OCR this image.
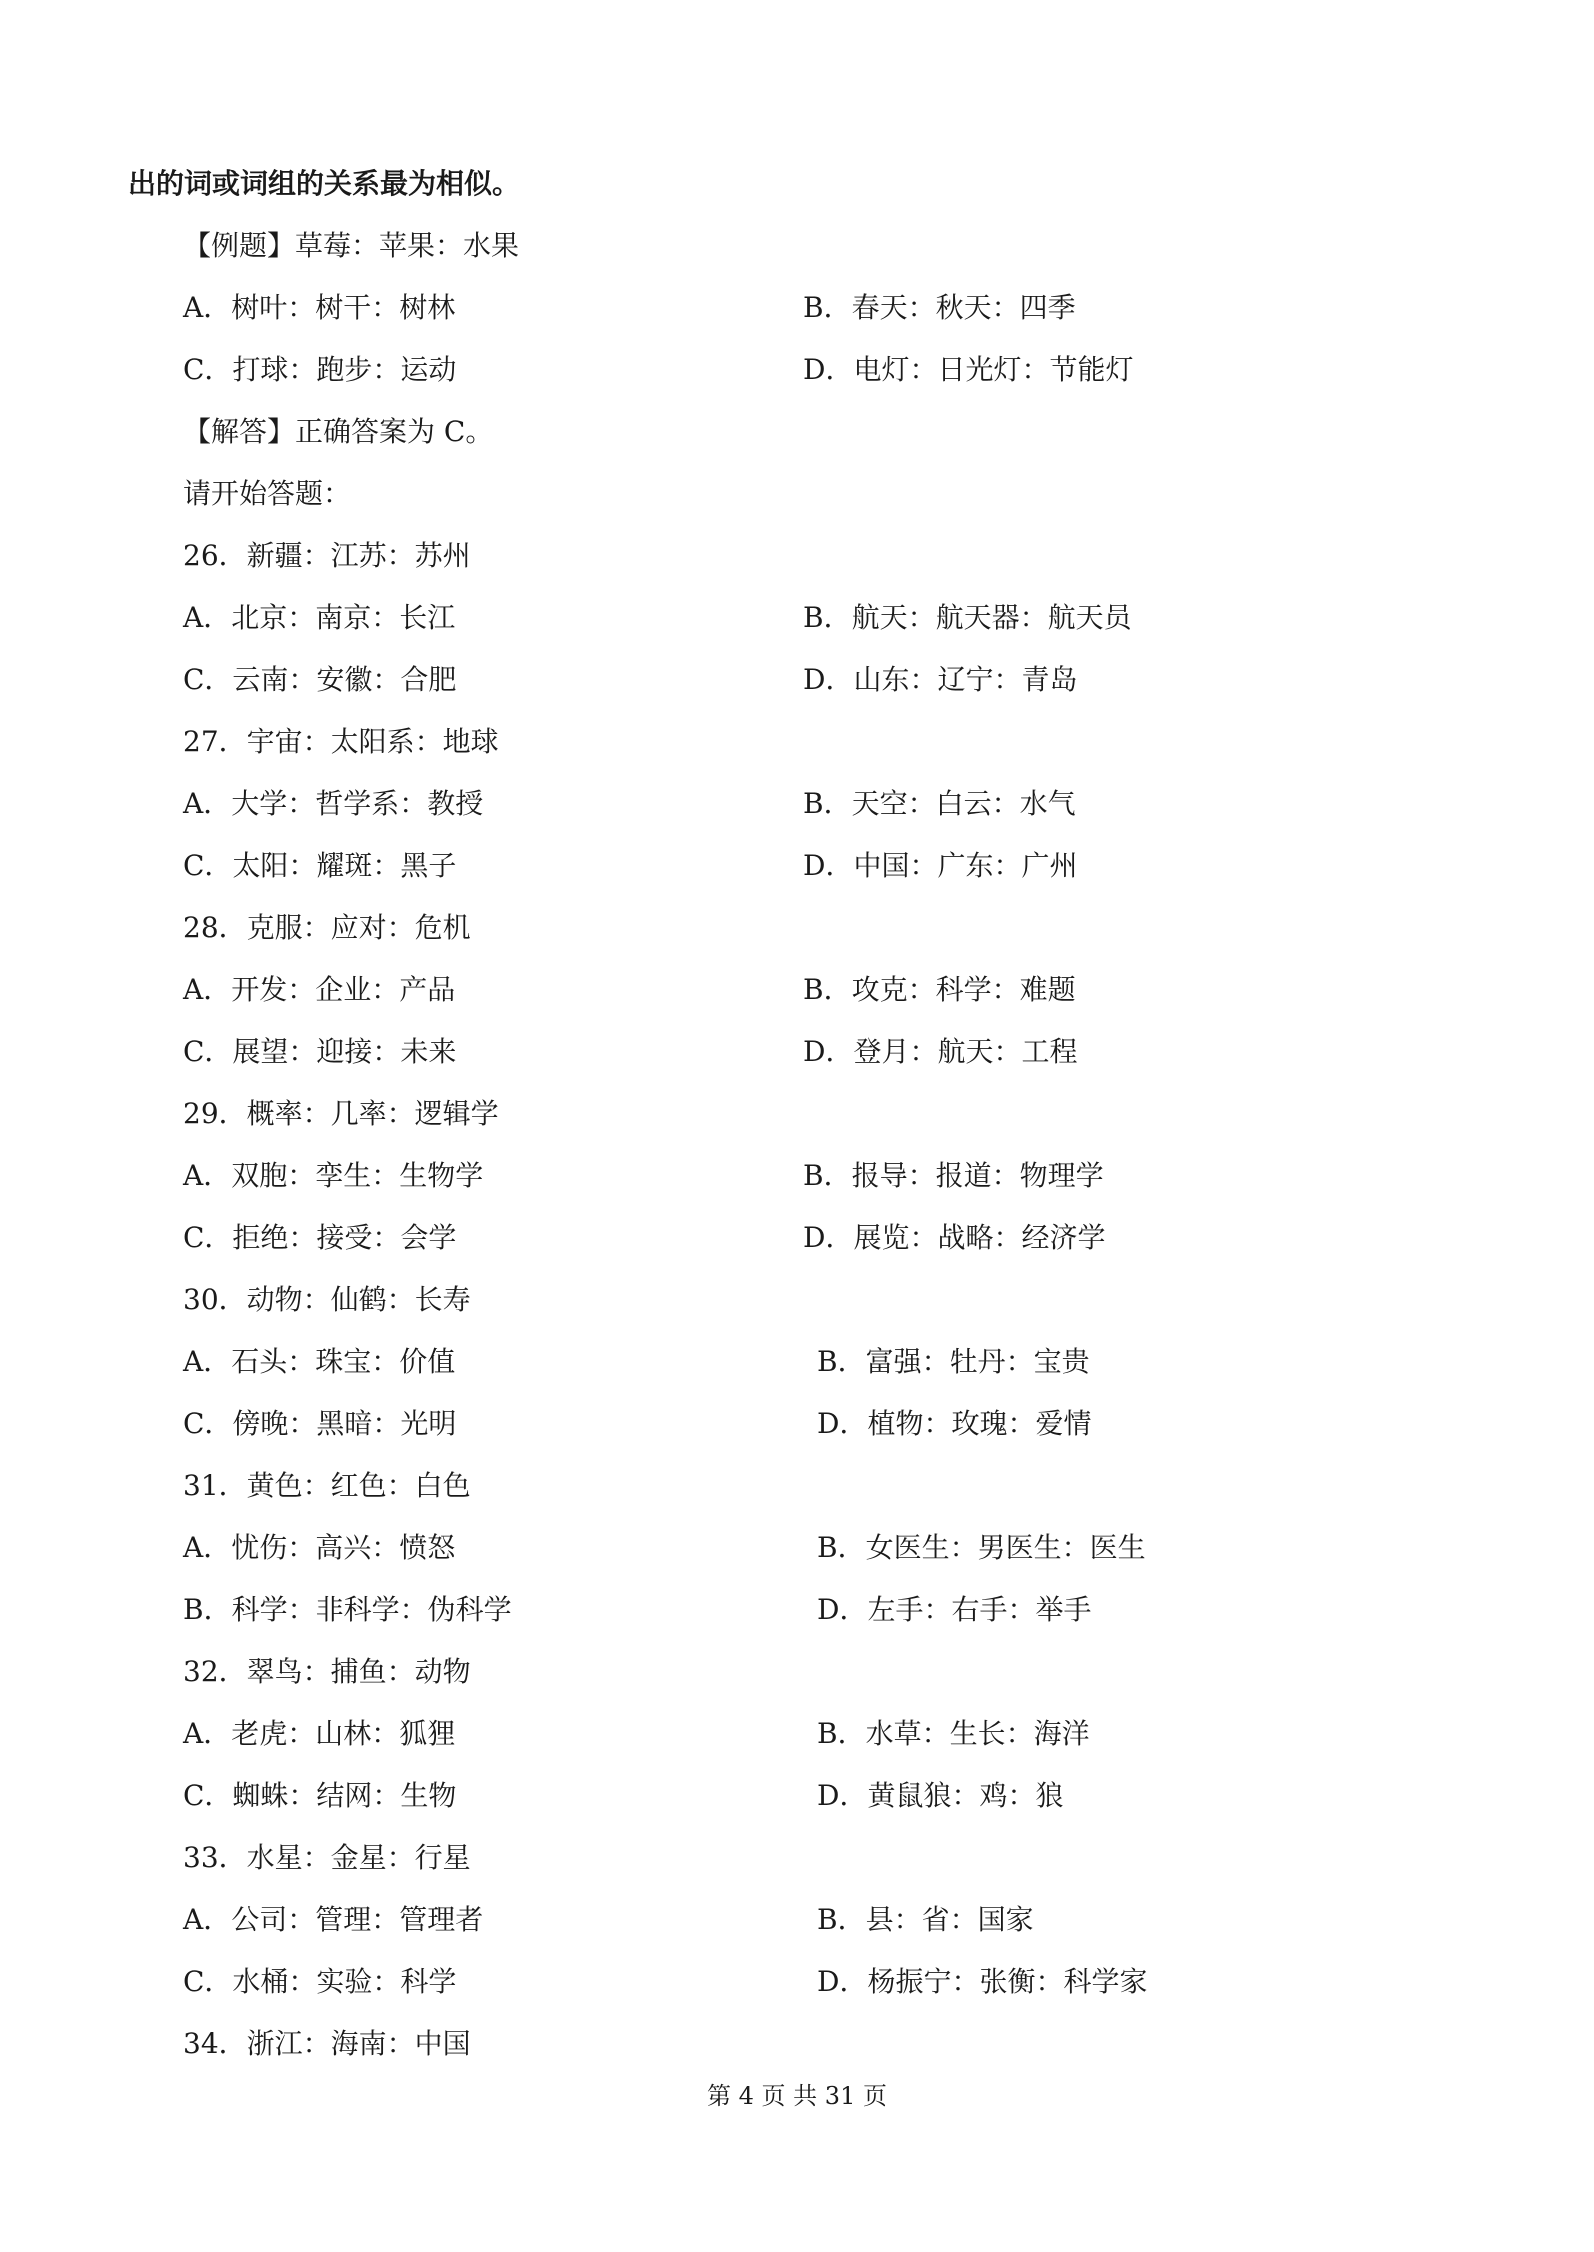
出的词或词组的关系最为相似。
【例题】草莓：苹果：水果
A．树叶：树干：树林	B．春天：秋天：四季
C．打球：跑步：运动	D．电灯：日光灯：节能灯
【解答】正确答案为 C。
请开始答题：
26．新疆：江苏：苏州
A．北京：南京：长江	B．航天：航天器：航天员
C．云南：安徽：合肥	D．山东：辽宁：青岛
27．宇宙：太阳系：地球
A．大学：哲学系：教授	B．天空：白云：水气
C．太阳：耀斑：黑子	D．中国：广东：广州
28．克服：应对：危机
A．开发：企业：产品	B．攻克：科学：难题
C．展望：迎接：未来	D．登月：航天：工程
29．概率：几率：逻辑学
A．双胞：孪生：生物学	B．报导：报道：物理学
C．拒绝：接受：会学	D．展览：战略：经济学
30．动物：仙鹤：长寿
A．石头：珠宝：价值	B．富强：牡丹：宝贵
C．傍晚：黑暗：光明	D．植物：玫瑰：爱情
31．黄色：红色：白色
A．忧伤：高兴：愤怒	B．女医生：男医生：医生
B．科学：非科学：伪科学	D．左手：右手：举手
32．翠鸟：捕鱼：动物
A．老虎：山林：狐狸	B．水草：生长：海洋
C．蜘蛛：结网：生物	D．黄鼠狼：鸡：狼
33．水星：金星：行星
A．公司：管理：管理者	B．县：省：国家
C．水桶：实验：科学	D．杨振宁：张衡：科学家
34．浙江：海南：中国
第 4 页 共 31 页
